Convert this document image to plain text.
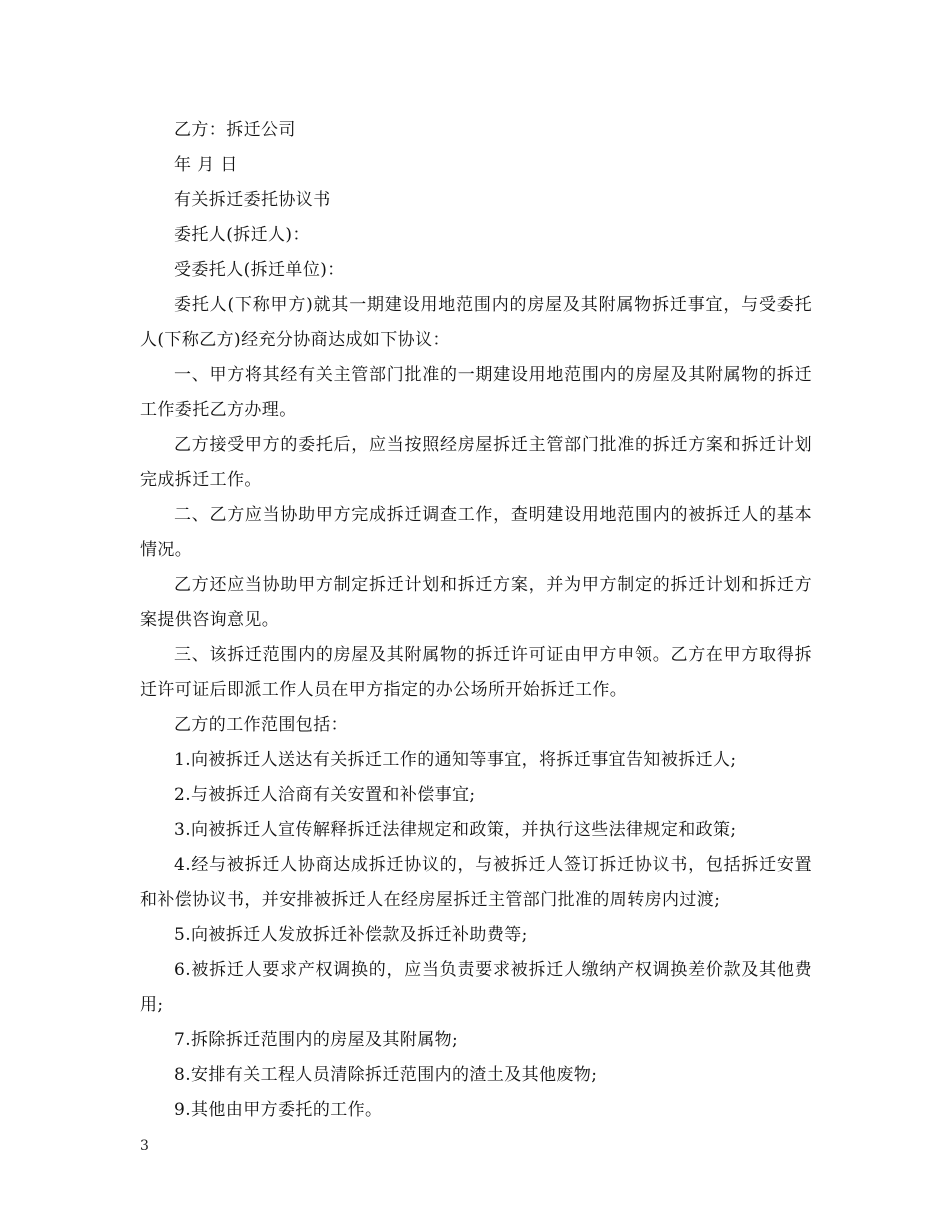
乙方：拆迁公司

年 月 日

有关拆迁委托协议书

委托人(拆迁人)：

受委托人(拆迁单位)：

委托人(下称甲方)就其一期建设用地范围内的房屋及其附属物拆迁事宜，与受委托人(下称乙方)经充分协商达成如下协议：

一、甲方将其经有关主管部门批准的一期建设用地范围内的房屋及其附属物的拆迁工作委托乙方办理。

乙方接受甲方的委托后，应当按照经房屋拆迁主管部门批准的拆迁方案和拆迁计划完成拆迁工作。

二、乙方应当协助甲方完成拆迁调查工作，查明建设用地范围内的被拆迁人的基本情况。

乙方还应当协助甲方制定拆迁计划和拆迁方案，并为甲方制定的拆迁计划和拆迁方案提供咨询意见。

三、该拆迁范围内的房屋及其附属物的拆迁许可证由甲方申领。乙方在甲方取得拆迁许可证后即派工作人员在甲方指定的办公场所开始拆迁工作。

乙方的工作范围包括：

1.向被拆迁人送达有关拆迁工作的通知等事宜，将拆迁事宜告知被拆迁人;

2.与被拆迁人洽商有关安置和补偿事宜;

3.向被拆迁人宣传解释拆迁法律规定和政策，并执行这些法律规定和政策;

4.经与被拆迁人协商达成拆迁协议的，与被拆迁人签订拆迁协议书，包括拆迁安置和补偿协议书，并安排被拆迁人在经房屋拆迁主管部门批准的周转房内过渡;

5.向被拆迁人发放拆迁补偿款及拆迁补助费等;

6.被拆迁人要求产权调换的，应当负责要求被拆迁人缴纳产权调换差价款及其他费用;

7.拆除拆迁范围内的房屋及其附属物;

8.安排有关工程人员清除拆迁范围内的渣土及其他废物;

9.其他由甲方委托的工作。

3
